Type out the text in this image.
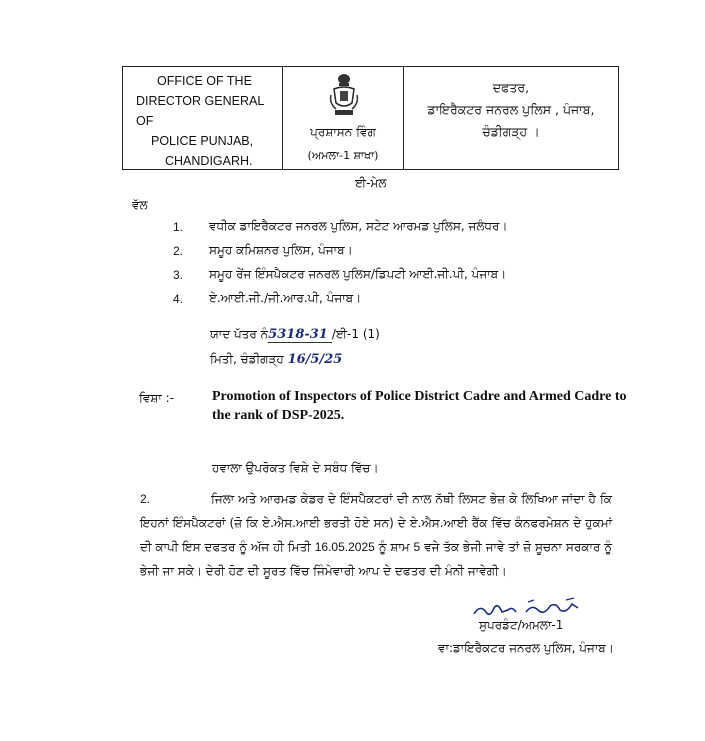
OFFICE OF THE
DIRECTOR GENERAL OF
POLICE PUNJAB,
CHANDIGARH.
ਪ੍ਰਸ਼ਾਸਨ ਵਿੰਗ
(ਅਮਲਾ-1 ਸ਼ਾਖਾ)
ਦਫਤਰ,
ਡਾਇਰੈਕਟਰ ਜਨਰਲ ਪੁਲਿਸ , ਪੰਜਾਬ,
ਚੰਡੀਗੜ੍ਹ ।
ਈ-ਮੇਲ
ਵੱਲ
1. ਵਧੀਕ ਡਾਇਰੈਕਟਰ ਜਨਰਲ ਪੁਲਿਸ, ਸਟੇਟ ਆਰਮਡ ਪੁਲਿਸ, ਜਲੰਧਰ।
2. ਸਮੂਹ ਕਮਿਸ਼ਨਰ ਪੁਲਿਸ, ਪੰਜਾਬ।
3. ਸਮੂਹ ਰੇਂਜ ਇੰਸਪੈਕਟਰ ਜਨਰਲ ਪੁਲਿਸ/ਡਿਪਟੀ ਆਈ.ਜੀ.ਪੀ, ਪੰਜਾਬ।
4. ਏ.ਆਈ.ਜੀ./ਜੀ.ਆਰ.ਪੀ, ਪੰਜਾਬ।
ਯਾਦ ਪੱਤਰ ਨੰ5318-31 /ਈ-1 (1)
ਮਿਤੀ, ਚੰਡੀਗੜ੍ਹ 16/5/25
ਵਿਸ਼ਾ :-	Promotion of Inspectors of Police District Cadre and Armed Cadre to the rank of DSP-2025.
ਹਵਾਲਾ ਉਪਰੋਕਤ ਵਿਸ਼ੇ ਦੇ ਸਬੰਧ ਵਿੱਚ।
2.	ਜਿਲਾ ਅਤੇ ਆਰਮਡ ਕੇਡਰ ਦੇ ਇੰਸਪੈਕਟਰਾਂ ਦੀ ਨਾਲ ਨੱਥੀ ਲਿਸਟ ਭੇਜ਼ ਕੇ ਲਿਖਿਆ ਜਾਂਦਾ ਹੈ ਕਿ ਇਹਨਾਂ ਇੰਸਪੈਕਟਰਾਂ (ਜ਼ੋ ਕਿ ਏ.ਐਸ.ਆਈ ਭਰਤੀ ਹੋਏ ਸਨ) ਦੇ ਏ.ਐਸ.ਆਈ ਰੈਂਕ ਵਿੱਚ ਕੰਨਫਰਮੇਸ਼ਨ ਦੇ ਹੁਕਮਾਂ ਦੀ ਕਾਪੀ ਇਸ ਦਫਤਰ ਨੂੰ ਅੱਜ ਹੀ ਮਿਤੀ 16.05.2025 ਨੂੰ ਸ਼ਾਮ 5 ਵਜੇ ਤੱਕ ਭੇਜੀ ਜਾਵੇ ਤਾਂ ਜ਼ੋ ਸੂਚਨਾ ਸਰਕਾਰ ਨੂੰ ਭੇਜੀ ਜਾ ਸਕੇ। ਦੇਰੀ ਹੋਣ ਦੀ ਸੂਰਤ ਵਿੱਚ ਜਿੰਮੇਵਾਰੀ ਆਪ ਦੇ ਦਫਤਰ ਦੀ ਮੰਨੀ ਜਾਵੇਗੀ।
ਸੁਪਰਡੰਟ/ਅਮਲਾ-1
ਵਾ:ਡਾਇਰੈਕਟਰ ਜਨਰਲ ਪੁਲਿਸ, ਪੰਜਾਬ।
